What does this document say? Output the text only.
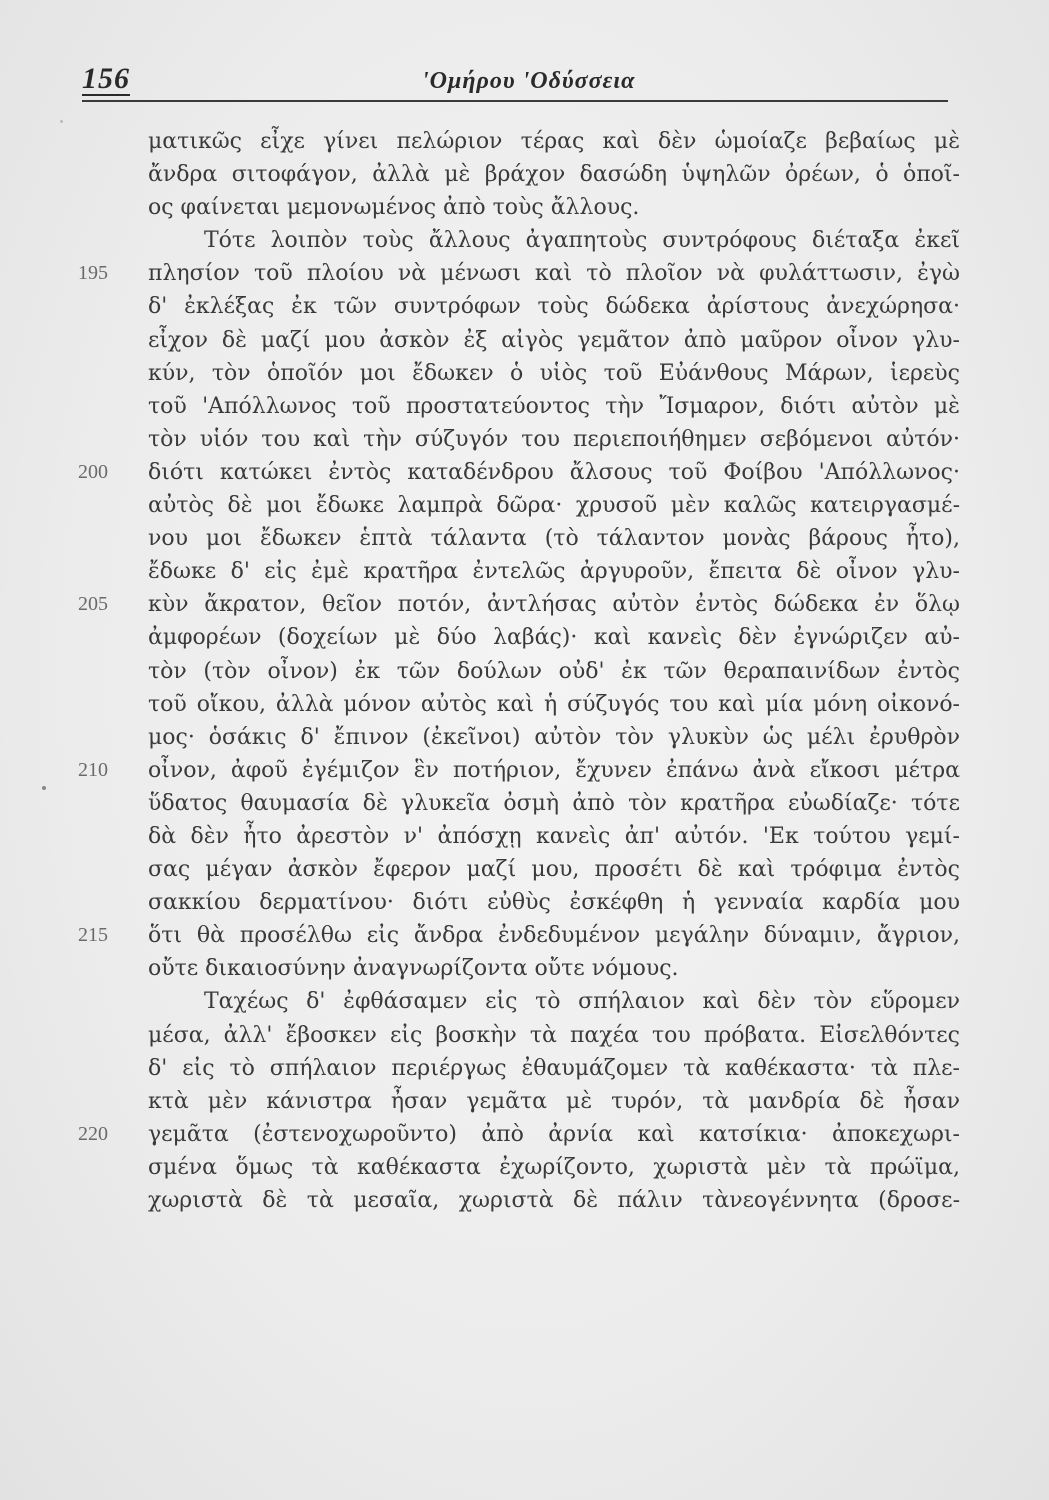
156	'Ομήρου 'Οδύσσεια
ματικῶς εἶχε γίνει πελώριον τέρας καὶ δὲν ὡμοίαζε βεβαίως μὲ
ἄνδρα σιτοφάγον, ἀλλὰ μὲ βράχον δασώδη ὑψηλῶν ὀρέων, ὁ ὁποῖ-
ος φαίνεται μεμονωμένος ἀπὸ τοὺς ἄλλους.
Τότε λοιπὸν τοὺς ἄλλους ἀγαπητοὺς συντρόφους διέταξα ἐκεῖ
195 πλησίον τοῦ πλοίου νὰ μένωσι καὶ τὸ πλοῖον νὰ φυλάττωσιν, ἐγὼ
δ' ἐκλέξας ἐκ τῶν συντρόφων τοὺς δώδεκα ἀρίστους ἀνεχώρησα·
εἶχον δὲ μαζί μου ἀσκὸν ἐξ αἰγὸς γεμᾶτον ἀπὸ μαῦρον οἶνον γλυ-
κύν, τὸν ὁποῖόν μοι ἔδωκεν ὁ υἱὸς τοῦ Εὐάνθους Μάρων, ἱερεὺς
τοῦ 'Απόλλωνος τοῦ προστατεύοντος τὴν Ἴσμαρον, διότι αὐτὸν μὲ
τὸν υἱόν του καὶ τὴν σύζυγόν του περιεποιήθημεν σεβόμενοι αὐτόν·
200 διότι κατώκει ἐντὸς καταδένδρου ἄλσους τοῦ Φοίβου 'Απόλλωνος·
αὐτὸς δὲ μοι ἔδωκε λαμπρὰ δῶρα· χρυσοῦ μὲν καλῶς κατειργασμέ-
νου μοι ἔδωκεν ἑπτὰ τάλαντα (τὸ τάλαντον μονὰς βάρους ἦτο),
ἔδωκε δ' εἰς ἐμὲ κρατῆρα ἐντελῶς ἀργυροῦν, ἔπειτα δὲ οἶνον γλυ-
205 κὺν ἄκρατον, θεῖον ποτόν, ἀντλήσας αὐτὸν ἐντὸς δώδεκα ἐν ὅλῳ
ἀμφορέων (δοχείων μὲ δύο λαβάς)· καὶ κανεὶς δὲν ἐγνώριζεν αὐ-
τὸν (τὸν οἶνον) ἐκ τῶν δούλων οὐδ' ἐκ τῶν θεραπαινίδων ἐντὸς
τοῦ οἴκου, ἀλλὰ μόνον αὐτὸς καὶ ἡ σύζυγός του καὶ μία μόνη οἰκονό-
μος· ὁσάκις δ' ἔπινον (ἐκεῖνοι) αὐτὸν τὸν γλυκὺν ὡς μέλι ἐρυθρὸν
210 οἶνον, ἀφοῦ ἐγέμιζον ἓν ποτήριον, ἔχυνεν ἐπάνω ἀνὰ εἴκοσι μέτρα
ὕδατος θαυμασία δὲ γλυκεῖα ὀσμὴ ἀπὸ τὸν κρατῆρα εὐωδίαζε· τότε
δὰ δὲν ἦτο ἀρεστὸν ν' ἀπόσχῃ κανεὶς ἀπ' αὐτόν. 'Εκ τούτου γεμί-
σας μέγαν ἀσκὸν ἔφερον μαζί μου, προσέτι δὲ καὶ τρόφιμα ἐντὸς
σακκίου δερματίνου· διότι εὐθὺς ἐσκέφθη ἡ γενναία καρδία μου
215 ὅτι θὰ προσέλθω εἰς ἄνδρα ἐνδεδυμένον μεγάλην δύναμιν, ἄγριον,
οὔτε δικαιοσύνην ἀναγνωρίζοντα οὔτε νόμους.
Ταχέως δ' ἐφθάσαμεν εἰς τὸ σπήλαιον καὶ δὲν τὸν εὕρομεν
μέσα, ἀλλ' ἔβοσκεν εἰς βοσκὴν τὰ παχέα του πρόβατα. Εἰσελθόντες
δ' εἰς τὸ σπήλαιον περιέργως ἐθαυμάζομεν τὰ καθέκαστα· τὰ πλε-
κτὰ μὲν κάνιστρα ἦσαν γεμᾶτα μὲ τυρόν, τὰ μανδρία δὲ ἦσαν
220 γεμᾶτα (ἐστενοχωροῦντο) ἀπὸ ἀρνία καὶ κατσίκια· ἀποκεχωρι-
σμένα ὅμως τὰ καθέκαστα ἐχωρίζοντο, χωριστὰ μὲν τὰ πρώϊμα,
χωριστὰ δὲ τὰ μεσαῖα, χωριστὰ δὲ πάλιν τὰνεογέννητα (δροσε-
